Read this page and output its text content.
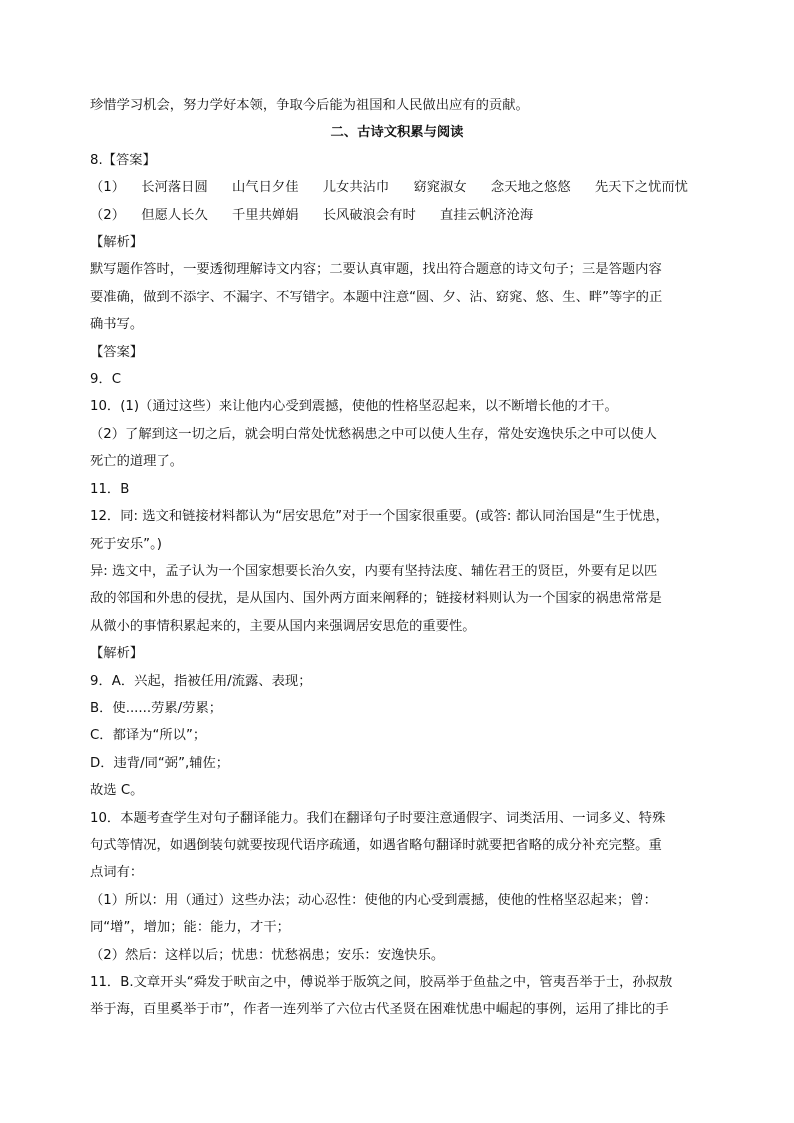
珍惜学习机会，努力学好本领，争取今后能为祖国和人民做出应有的贡献。
二、古诗文积累与阅读
8.【答案】
（1） 长河落日圆 山气日夕佳 儿女共沾巾 窈窕淑女 念天地之悠悠 先天下之忧而忧
（2） 但愿人长久 千里共婵娟 长风破浪会有时 直挂云帆济沧海
【解析】
默写题作答时，一要透彻理解诗文内容；二要认真审题，找出符合题意的诗文句子；三是答题内容
要准确，做到不添字、不漏字、不写错字。本题中注意“圆、夕、沾、窈窕、悠、生、畔”等字的正
确书写。
【答案】
9．C
10．(1)（通过这些）来让他内心受到震撼，使他的性格坚忍起来，以不断增长他的才干。
（2）了解到这一切之后，就会明白常处忧愁祸患之中可以使人生存，常处安逸快乐之中可以使人
死亡的道理了。
11．B
12．同: 选文和链接材料都认为“居安思危”对于一个国家很重要。(或答: 都认同治国是“生于忧患，
死于安乐”。)
异: 选文中，孟子认为一个国家想要长治久安，内要有坚持法度、辅佐君王的贤臣，外要有足以匹
敌的邻国和外患的侵扰，是从国内、国外两方面来阐释的；链接材料则认为一个国家的祸患常常是
从微小的事情积累起来的，主要从国内来强调居安思危的重要性。
【解析】
9．A．兴起，指被任用/流露、表现；
B．使......劳累/劳累；
C．都译为“所以”；
D．违背/同“弼”,辅佐；
故选 C。
10．本题考查学生对句子翻译能力。我们在翻译句子时要注意通假字、词类活用、一词多义、特殊
句式等情况，如遇倒装句就要按现代语序疏通，如遇省略句翻译时就要把省略的成分补充完整。重
点词有：
（1）所以：用（通过）这些办法；动心忍性：使他的内心受到震撼，使他的性格坚忍起来；曾：
同“增”，增加；能：能力，才干；
（2）然后：这样以后；忧患：忧愁祸患；安乐：安逸快乐。
11．B.文章开头“舜发于畎亩之中，傅说举于版筑之间，胶鬲举于鱼盐之中，管夷吾举于士，孙叔敖
举于海，百里奚举于市”，作者一连列举了六位古代圣贤在困难忧患中崛起的事例，运用了排比的手
